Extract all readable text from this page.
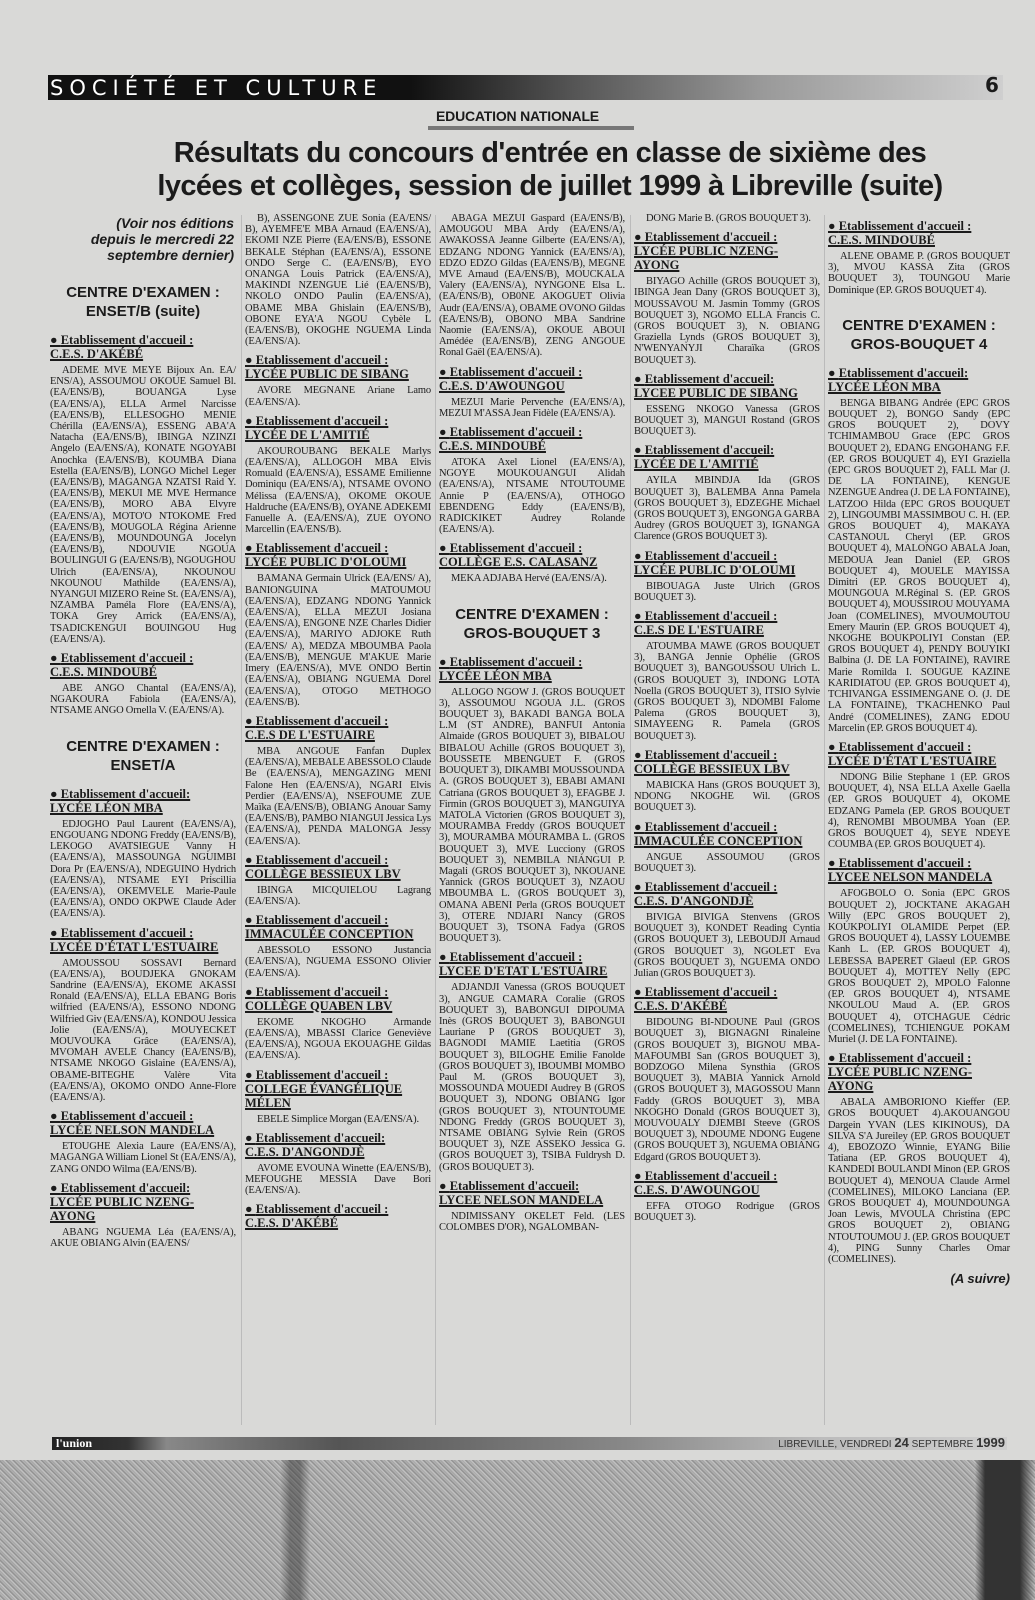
SOCIÉTÉ ET CULTURE	6
EDUCATION NATIONALE
Résultats du concours d'entrée en classe de sixième des
lycées et collèges, session de juillet 1999 à Libreville (suite)
(Voir nos éditions depuis le mercredi 22 septembre dernier)
CENTRE D'EXAMEN : ENSET/B (suite)
● Etablissement d'accueil :
C.E.S. D'AKÉBÉ
ADEME MVE MEYE Bijoux An. EA/ ENS/A), ASSOUMOU OKOUE Samuel Bl. (EA/ENS/B), BOUANGA Lyse (EA/ENS/A), ELLA Armel Narcisse (EA/ENS/B), ELLESOGHO MENIE Chérilla (EA/ENS/A), ESSENG ABA'A Natacha (EA/ENS/B), IBINGA NZINZI Angelo (EA/ENS/A), KONATE NGOYABI Anochka (EA/ENS/B), KOUMBA Diana Estella (EA/ENS/B), LONGO Michel Leger (EA/ENS/B), MAGANGA NZATSI Raid Y. (EA/ENS/B), MEKUI ME MVE Hermance (EA/ENS/B), MORO ABA Elvyre (EA/ENS/A), MOTO'O NTOKOME Fred (EA/ENS/B), MOUGOLA Régina Arienne (EA/ENS/B), MOUNDOUNGA Jocelyn (EA/ENS/B), NDOUVIE NGOUA BOULINGUI G (EA/ENS/B), NGOUGHOU Ulrich (EA/ENS/A), NKOUNOU NKOUNOU Mathilde (EA/ENS/A), NYANGUI MIZERO Reine St. (EA/ENS/A), NZAMBA Paméla Flore (EA/ENS/A), TOKA Grey Arrick (EA/ENS/A), TSADICKENGUI BOUINGOU Hug (EA/ENS/A).
● Etablissement d'accueil :
C.E.S. MINDOUBÉ
ABE ANGO Chantal (EA/ENS/A), NGAKOURA Fabiola (EA/ENS/A), NTSAME ANGO Ornella V. (EA/ENS/A).
CENTRE D'EXAMEN : ENSET/A
● Etablissement d'accueil:
LYCÉE LÉON MBA
EDJOGHO Paul Laurent (EA/ENS/A), ENGOUANG NDONG Freddy (EA/ENS/B), LEKOGO AVATSIEGUE Vanny H (EA/ENS/A), MASSOUNGA NGUIMBI Dora Pr (EA/ENS/A), NDEGUINO Hydrich (EA/ENS/A), NTSAME EYI Priscillia (EA/ENS/A), OKEMVELE Marie-Paule (EA/ENS/A), ONDO OKPWE Claude Ader (EA/ENS/A).
● Etablissement d'accueil :
LYCÉE D'ÉTAT L'ESTUAIRE
AMOUSSOU SOSSAVI Bernard (EA/ENS/A), BOUDJEKA GNOKAM Sandrine (EA/ENS/A), EKOME AKASSI Ronald (EA/ENS/A), ELLA EBANG Boris wilfried (EA/ENS/A), ESSONO NDONG Wilfried Giv (EA/ENS/A), KONDOU Jessica Jolie (EA/ENS/A), MOUYECKET MOUVOUKA Grâce (EA/ENS/A), MVOMAH AVELE Chancy (EA/ENS/B), NTSAME NKOGO Gislaine (EA/ENS/A), OBAME-BITEGHE Valère Vita (EA/ENS/A), OKOMO ONDO Anne-Flore (EA/ENS/A).
● Etablissement d'accueil :
LYCÉE NELSON MANDELA
ETOUGHE Alexia Laure (EA/ENS/A), MAGANGA William Lionel St (EA/ENS/A), ZANG ONDO Wilma (EA/ENS/B).
● Etablissement d'accueil:
LYCÉE PUBLIC NZENG-AYONG
ABANG NGUEMA Léa (EA/ENS/A), AKUE OBIANG Alvin (EA/ENS/
B), ASSENGONE ZUE Sonia (EA/ENS/ B), AYEMFE'E MBA Arnaud (EA/ENS/A), EKOMI NZE Pierre (EA/ENS/B), ESSONE BEKALE Stéphan (EA/ENS/A), ESSONE ONDO Serge C. (EA/ENS/B), EYO ONANGA Louis Patrick (EA/ENS/A), MAKINDI NZENGUE Lié (EA/ENS/B), NKOLO ONDO Paulin (EA/ENS/A), OBAME MBA Ghislain (EA/ENS/B), OBONE EYA'A NGOU Cybèle L (EA/ENS/B), OKOGHE NGUEMA Linda (EA/ENS/A).
● Etablissement d'accueil :
LYCÉE PUBLIC DE SIBANG
AVORE MEGNANE Ariane Lamo (EA/ENS/A).
● Etablissement d'accueil :
LYCÉE DE L'AMITIÉ
AKOUROUBANG BEKALE Marlys (EA/ENS/A), ALLOGOH MBA Elvis Romuald (EA/ENS/A), ESSAME Emilienne Dominiqu (EA/ENS/A), NTSAME OVONO Mélissa (EA/ENS/A), OKOME OKOUE Haldruche (EA/ENS/B), OYANE ADEKEMI Fanuelle A. (EA/ENS/A), ZUE OYONO Marcellin (EA/ENS/B).
● Etablissement d'accueil :
LYCÉE PUBLIC D'OLOUMI
BAMANA Germain Ulrick (EA/ENS/ A), BANIONGUINA MATOUMOU (EA/ENS/A), EDZANG NDONG Yannick (EA/ENS/A), ELLA MEZUI Josiana (EA/ENS/A), ENGONE NZE Charles Didier (EA/ENS/A), MARIYO ADJOKE Ruth (EA/ENS/ A), MEDZA MBOUMBA Paola (EA/ENS/B), MENGUE M'AKUE Marie Imery (EA/ENS/A), MVE ONDO Bertin (EA/ENS/A), OBIANG NGUEMA Dorel (EA/ENS/A), OTOGO METHOGO (EA/ENS/B).
● Etablissement d'accueil :
C.E.S DE L'ESTUAIRE
MBA ANGOUE Fanfan Duplex (EA/ENS/A), MEBALE ABESSOLO Claude Be (EA/ENS/A), MENGAZING MENI Falone Hen (EA/ENS/A), NGARI Elvis Perdier (EA/ENS/A), NSEFOUME ZUE Maïka (EA/ENS/B), OBIANG Anouar Samy (EA/ENS/B), PAMBO NIANGUI Jessica Lys (EA/ENS/A), PENDA MALONGA Jessy (EA/ENS/A).
● Etablissement d'accueil :
COLLÈGE BESSIEUX LBV
IBINGA MICQUIELOU Lagrang (EA/ENS/A).
● Etablissement d'accueil :
IMMACULÉE CONCEPTION
ABESSOLO ESSONO Justancia (EA/ENS/A), NGUEMA ESSONO Olivier (EA/ENS/A).
● Etablissement d'accueil :
COLLÈGE QUABEN LBV
EKOME NKOGHO Armande (EA/ENS/A), MBASSI Clarice Geneviève (EA/ENS/A), NGOUA EKOUAGHE Gildas (EA/ENS/A).
● Etablissement d'accueil :
COLLEGE ÉVANGÉLIQUE MÉLEN
EBELE Simplice Morgan (EA/ENS/A).
● Etablissement d'accueil:
C.E.S. D'ANGONDJÈ
AVOME EVOUNA Winette (EA/ENS/B), MEFOUGHE MESSIA Dave Bori (EA/ENS/A).
● Etablissement d'accueil :
C.E.S. D'AKÉBÉ
ABAGA MEZUI Gaspard (EA/ENS/B), AMOUGOU MBA Ardy (EA/ENS/A), AWAKOSSA Jeanne Gilberte (EA/ENS/A), EDZANG NDONG Yannick (EA/ENS/A), EDZO EDZO Gildas (EA/ENS/B), MEGNE MVE Arnaud (EA/ENS/B), MOUCKALA Valery (EA/ENS/A), NYNGONE Elsa L. (EA/ENS/B), OB0NE AKOGUET Olivia Audr (EA/ENS/A), OBAME OVONO Gildas (EA/ENS/B), OBONO MBA Sandrine Naomie (EA/ENS/A), OKOUE ABOUI Amédée (EA/ENS/B), ZENG ANGOUE Ronal Gaël (EA/ENS/A).
● Etablissement d'accueil :
C.E.S. D'AWOUNGOU
MEZUI Marie Pervenche (EA/ENS/A), MEZUI M'ASSA Jean Fidèle (EA/ENS/A).
● Etablissement d'accueil :
C.E.S. MINDOUBÉ
ATOKA Axel Lionel (EA/ENS/A), NGOYE MOUKOUANGUI Alidah (EA/ENS/A), NTSAME NTOUTOUME Annie P (EA/ENS/A), OTHOGO EBENDENG Eddy (EA/ENS/B), RADICKIKET Audrey Rolande (EA/ENS/A).
● Etablissement d'accueil :
COLLÈGE E.S. CALASANZ
MEKA ADJABA Hervé (EA/ENS/A).
CENTRE D'EXAMEN : GROS-BOUQUET 3
● Etablissement d'accueil :
LYCÉE LÉON MBA
ALLOGO NGOW J. (GROS BOUQUET 3), ASSOUMOU NGOUA J.L. (GROS BOUQUET 3), BAKADI BANGA BOLA L.M (ST ANDRE), BANFUI Antonia Almaide (GROS BOUQUET 3), BIBALOU BIBALOU Achille (GROS BOUQUET 3), BOUSSETE MBENGUET F. (GROS BOUQUET 3), DIKAMBI MOUSSOUNDA A. (GROS BOUQUET 3), EBABI AMANI Catriana (GROS BOUQUET 3), EFAGBE J. Firmin (GROS BOUQUET 3), MANGUIYA MATOLA Victorien (GROS BOUQUET 3), MOURAMBA Freddy (GROS BOUQUET 3), MOURAMBA MOURAMBA L. (GROS BOUQUET 3), MVE Lucciony (GROS BOUQUET 3), NEMBILA NIANGUI P. Magali (GROS BOUQUET 3), NKOUANE Yannick (GROS BOUQUET 3), NZAOU MBOUMBA L. (GROS BOUQUET 3), OMANA ABENI Perla (GROS BOUQUET 3), OTERE NDJARI Nancy (GROS BOUQUET 3), TSONA Fadya (GROS BOUQUET 3).
● Etablissement d'accueil :
LYCEE D'ETAT L'ESTUAIRE
ADJANDJI Vanessa (GROS BOUQUET 3), ANGUE CAMARA Coralie (GROS BOUQUET 3), BABONGUI DIPOUMA Inès (GROS BOUQUET 3), BABONGUI Lauriane P (GROS BOUQUET 3), BAGNODI MAMIE Laetitia (GROS BOUQUET 3), BILOGHE Emilie Fanolde (GROS BOUQUET 3), IBOUMBI MOMBO Paul M. (GROS BOUQUET 3), MOSSOUNDA MOUEDI Audrey B (GROS BOUQUET 3), NDONG OBIANG Igor (GROS BOUQUET 3), NTOUNTOUME NDONG Freddy (GROS BOUQUET 3), NTSAME OBIANG Sylvie Rein (GROS BOUQUET 3), NZE ASSEKO Jessica G. (GROS BOUQUET 3), TSIBA Fuldrysh D. (GROS BOUQUET 3).
● Etablissement d'accueil:
LYCEE NELSON MANDELA
NDIMISSANY OKELET Feld. (LES COLOMBES D'OR), NGALOMBAN-
DONG Marie B. (GROS BOUQUET 3).
● Etablissement d'accueil :
LYCÉE PUBLIC NZENG-AYONG
BIYAGO Achille (GROS BOUQUET 3), IBINGA Jean Dany (GROS BOUQUET 3), MOUSSAVOU M. Jasmin Tommy (GROS BOUQUET 3), NGOMO ELLA Francis C. (GROS BOUQUET 3), N. OBIANG Graziella Lynds (GROS BOUQUET 3), N'WENYANYJI Charaïka (GROS BOUQUET 3).
● Etablissement d'accueil:
LYCEE PUBLIC DE SIBANG
ESSENG NKOGO Vanessa (GROS BOUQUET 3), MANGUI Rostand (GROS BOUQUET 3).
● Etablissement d'accueil:
LYCÉE DE L'AMITIÉ
AYILA MBINDJA Ida (GROS BOUQUET 3), BALEMBA Anna Pamela (GROS BOUQUET 3), EDZEGHE Michael (GROS BOUQUET 3), ENGONGA GARBA Audrey (GROS BOUQUET 3), IGNANGA Clarence (GROS BOUQUET 3).
● Etablissement d'accueil :
LYCÉE PUBLIC D'OLOUMI
BIBOUAGA Juste Ulrich (GROS BOUQUET 3).
● Etablissement d'accueil :
C.E.S DE L'ESTUAIRE
ATOUMBA MAWE (GROS BOUQUET 3), BANGA Jennie Ophélie (GROS BOUQUET 3), BANGOUSSOU Ulrich L. (GROS BOUQUET 3), INDONG LOTA Noella (GROS BOUQUET 3), ITSIO Sylvie (GROS BOUQUET 3), NDOMBI Falome Palema (GROS BOUQUET 3), SIMAYEENG R. Pamela (GROS BOUQUET 3).
● Etablissement d'accueil :
COLLÈGE BESSIEUX LBV
MABICKA Hans (GROS BOUQUET 3), NDONG NKOGHE Wil. (GROS BOUQUET 3).
● Etablissement d'accueil :
IMMACULÉE CONCEPTION
ANGUE ASSOUMOU (GROS BOUQUET 3).
● Etablissement d'accueil :
C.E.S. D'ANGONDJÈ
BIVIGA BIVIGA Stenvens (GROS BOUQUET 3), KONDET Reading Cyntia (GROS BOUQUET 3), LEBOUDJI Arnaud (GROS BOUQUET 3), NGOLET Eva (GROS BOUQUET 3), NGUEMA ONDO Julian (GROS BOUQUET 3).
● Etablissement d'accueil :
C.E.S. D'AKÉBÉ
BIDOUNG BI-NDOUNE Paul (GROS BOUQUET 3), BIGNAGNI Rinaleine (GROS BOUQUET 3), BIGNOU MBA-MAFOUMBI San (GROS BOUQUET 3), BODZOGO Milena Synsthia (GROS BOUQUET 3), MABIA Yannick Arnold (GROS BOUQUET 3), MAGOSSOU Mann Faddy (GROS BOUQUET 3), MBA NKOGHO Donald (GROS BOUQUET 3), MOUVOUALY DJEMBI Steeve (GROS BOUQUET 3), NDOUME NDONG Eugene (GROS BOUQUET 3), NGUEMA OBIANG Edgard (GROS BOUQUET 3).
● Etablissement d'accueil :
C.E.S. D'AWOUNGOU
EFFA OTOGO Rodrigue (GROS BOUQUET 3).
● Etablissement d'accueil :
C.E.S. MINDOUBÉ
ALENE OBAME P. (GROS BOUQUET 3), MVOU KASSA Zita (GROS BOUQUET 3), TOUNGOU Marie Dominique (EP. GROS BOUQUET 4).
CENTRE D'EXAMEN : GROS-BOUQUET 4
● Etablissement d'accueil:
LYCÉE LÉON MBA
BENGA BIBANG Andrée (EPC GROS BOUQUET 2), BONGO Sandy (EPC GROS BOUQUET 2), DOVY TCHIMAMBOU Grace (EPC GROS BOUQUET 2), EDANG ENGOHANG F.F. (EP. GROS BOUQUET 4), EYI Graziella (EPC GROS BOUQUET 2), FALL Mar (J. DE LA FONTAINE), KENGUE NZENGUE Andrea (J. DE LA FONTAINE), LATZOO Hilda (EPC GROS BOUQUET 2), LINGOUMBI MASSIMBOU C. H. (EP. GROS BOUQUET 4), MAKAYA CASTANOUL Cheryl (EP. GROS BOUQUET 4), MALONGO ABALA Joan, MEDOUA Jean Daniel (EP. GROS BOUQUET 4), MOUELE MAYISSA Dimitri (EP. GROS BOUQUET 4), MOUNGOUA M.Réginal S. (EP. GROS BOUQUET 4), MOUSSIROU MOUYAMA Joan (COMELINES), MVOUMOUTOU Emery Maurin (EP. GROS BOUQUET 4), NKOGHE BOUKPOLIYI Constan (EP. GROS BOUQUET 4), PENDY BOUYIKI Balbina (J. DE LA FONTAINE), RAVIRE Marie Romilda I. SOUGUE KAZINE KARIDIATOU (EP. GROS BOUQUET 4), TCHIVANGA ESSIMENGANE O. (J. DE LA FONTAINE), T'KACHENKO Paul André (COMELINES), ZANG EDOU Marcelin (EP. GROS BOUQUET 4).
● Etablissement d'accueil :
LYCÉE D'ÉTAT L'ESTUAIRE
NDONG Bilie Stephane 1 (EP. GROS BOUQUET, 4), NSA ELLA Axelle Gaella (EP. GROS BOUQUET 4), OKOME EDZANG Pamela (EP. GROS BOUQUET 4), RENOMBI MBOUMBA Yoan (EP. GROS BOUQUET 4), SEYE NDEYE COUMBA (EP. GROS BOUQUET 4).
● Etablissement d'accueil :
LYCEE NELSON MANDELA
AFOGBOLO O. Sonia (EPC GROS BOUQUET 2), JOCKTANE AKAGAH Willy (EPC GROS BOUQUET 2), KOUKPOLIYI OLAMIDE Perpet (EP. GROS BOUQUET 4), LASSY LOUEMBE Kanh L. (EP. GROS BOUQUET 4), LEBESSA BAPERET Glaeul (EP. GROS BOUQUET 4), MOTTEY Nelly (EPC GROS BOUQUET 2), MPOLO Falonne (EP. GROS BOUQUET 4), NTSAME NKOULOU Maud A. (EP. GROS BOUQUET 4), OTCHAGUE Cédric (COMELINES), TCHIENGUE POKAM Muriel (J. DE LA FONTAINE).
● Etablissement d'accueil :
LYCÉE PUBLIC NZENG-AYONG
ABALA AMBORIONO Kieffer (EP. GROS BOUQUET 4).AKOUANGOU Dargein YVAN (LES KIKINOUS), DA SILVA S'A Jureiley (EP. GROS BOUQUET 4), EBOZOZO Winnie, EYANG Bilie Tatiana (EP. GROS BOUQUET 4), KANDEDI BOULANDI Minon (EP. GROS BOUQUET 4), MENOUA Claude Armel (COMELINES), MILOKO Lanciana (EP. GROS BOUQUET 4), MOUNDOUNGA Joan Lewis, MVOULA Christina (EPC GROS BOUQUET 2), OBIANG NTOUTOUMOU J. (EP. GROS BOUQUET 4), PING Sunny Charles Omar (COMELINES).
(A suivre)
l'union	LIBREVILLE, VENDREDI 24 SEPTEMBRE 1999
